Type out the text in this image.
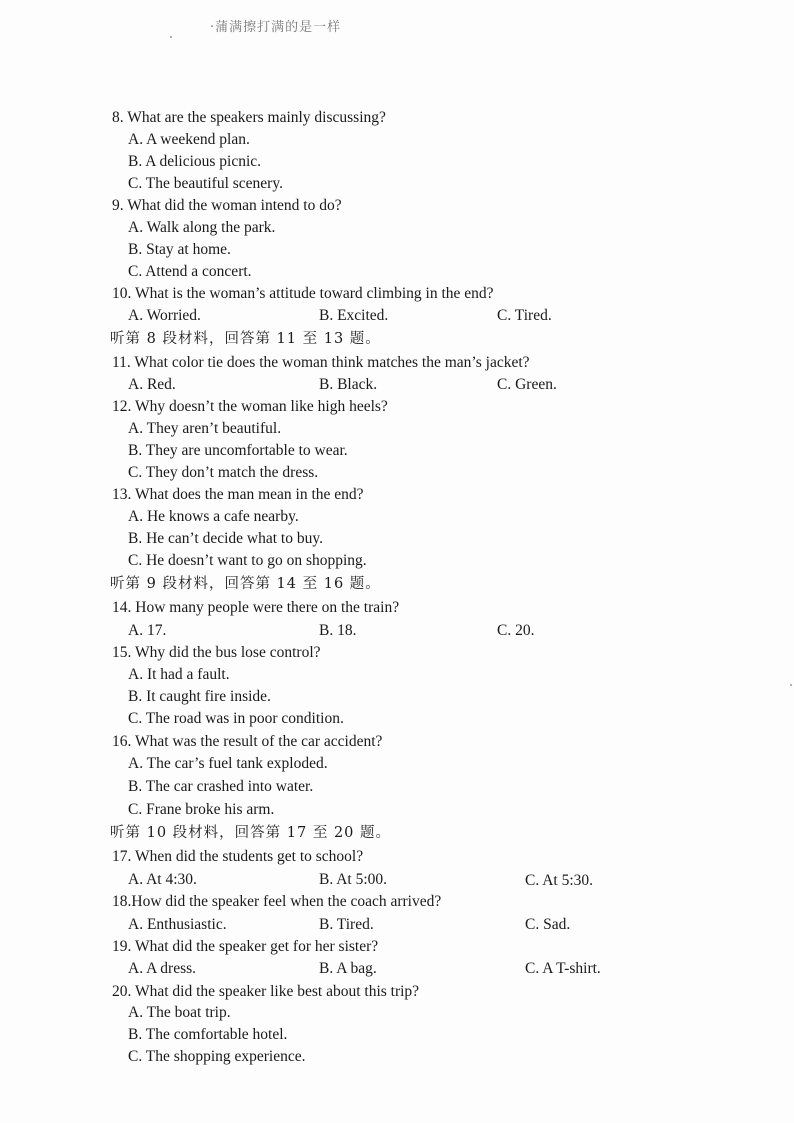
·蒲满擦打满的是一样
8. What are the speakers mainly discussing?
A. A weekend plan.
B. A delicious picnic.
C. The beautiful scenery.
9. What did the woman intend to do?
A. Walk along the park.
B. Stay at home.
C. Attend a concert.
10. What is the woman’s attitude toward climbing in the end?
A. Worried.	B. Excited.	C. Tired.
听第 8 段材料，回答第 11 至 13 题。
11. What color tie does the woman think matches the man’s jacket?
A. Red.	B. Black.	C. Green.
12. Why doesn’t the woman like high heels?
A. They aren’t beautiful.
B. They are uncomfortable to wear.
C. They don’t match the dress.
13. What does the man mean in the end?
A. He knows a cafe nearby.
B. He can’t decide what to buy.
C. He doesn’t want to go on shopping.
听第 9 段材料，回答第 14 至 16 题。
14. How many people were there on the train?
A. 17.	B. 18.	C. 20.
15. Why did the bus lose control?
A. It had a fault.
B. It caught fire inside.
C. The road was in poor condition.
16. What was the result of the car accident?
A. The car’s fuel tank exploded.
B. The car crashed into water.
C. Frane broke his arm.
听第 10 段材料，回答第 17 至 20 题。
17. When did the students get to school?
A. At 4:30.	B. At 5:00.	C. At 5:30.
18.How did the speaker feel when the coach arrived?
A. Enthusiastic.	B. Tired.	C. Sad.
19. What did the speaker get for her sister?
A. A dress.	B. A bag.	C. A T-shirt.
20. What did the speaker like best about this trip?
A. The boat trip.
B. The comfortable hotel.
C. The shopping experience.
